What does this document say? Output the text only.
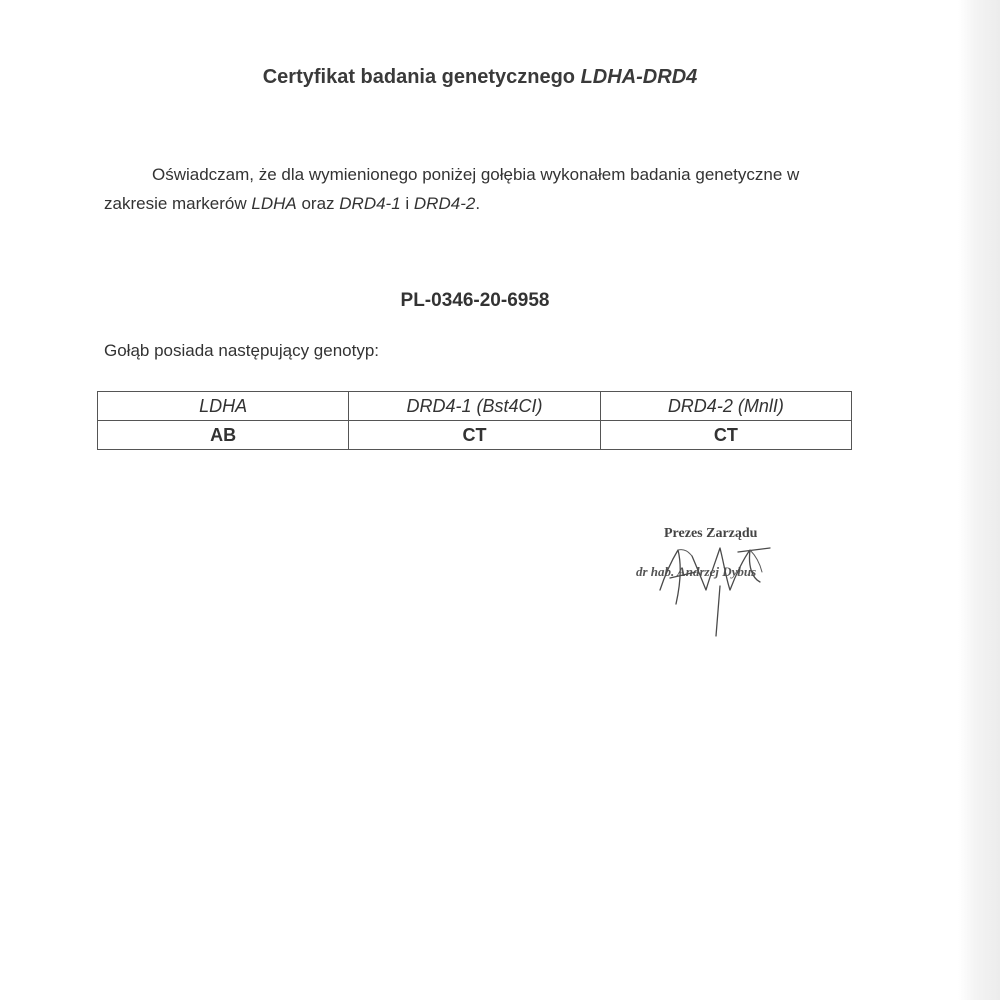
Certyfikat badania genetycznego LDHA-DRD4
Oświadczam, że dla wymienionego poniżej gołębia wykonałem badania genetyczne w zakresie markerów LDHA oraz DRD4-1 i DRD4-2.
PL-0346-20-6958
Gołąb posiada następujący genotyp:
LDHA	DRD4-1 (Bst4CI)	DRD4-2 (MnlI)
AB	CT	CT
Prezes Zarządu
dr hab. Andrzej Dybus
